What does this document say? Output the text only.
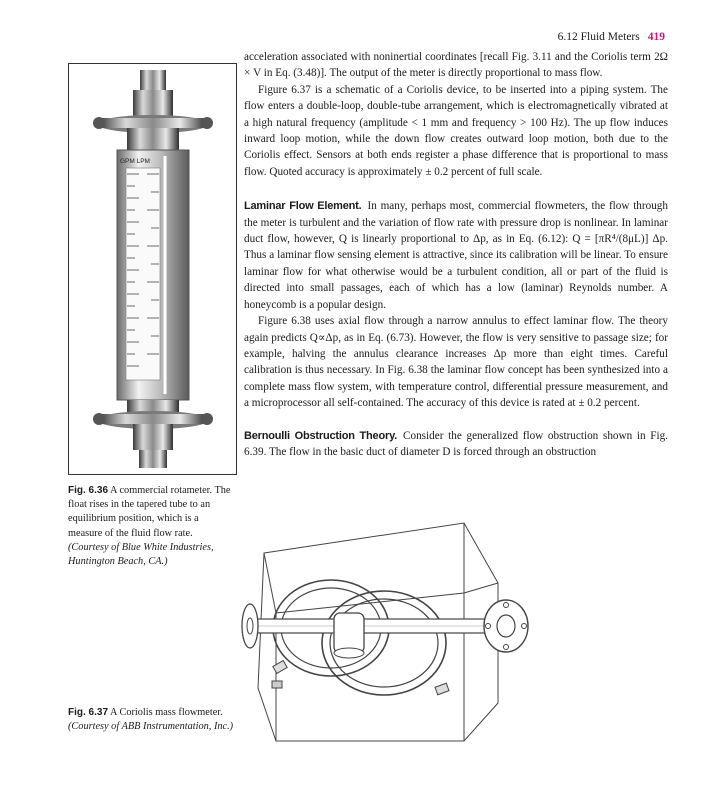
6.12 Fluid Meters 419
GPM LPM
Fig. 6.36 A commercial rotameter. The float rises in the tapered tube to an equilibrium position, which is a measure of the fluid flow rate. (Courtesy of Blue White Industries, Huntington Beach, CA.)
Fig. 6.37 A Coriolis mass flowmeter. (Courtesy of ABB Instrumentation, Inc.)

acceleration associated with noninertial coordinates [recall Fig. 3.11 and the Coriolis term 2Ω × V in Eq. (3.48)]. The output of the meter is directly proportional to mass flow.

Figure 6.37 is a schematic of a Coriolis device, to be inserted into a piping system. The flow enters a double-loop, double-tube arrangement, which is electromagnetically vibrated at a high natural frequency (amplitude < 1 mm and frequency > 100 Hz). The up flow induces inward loop motion, while the down flow creates outward loop motion, both due to the Coriolis effect. Sensors at both ends register a phase difference that is proportional to mass flow. Quoted accuracy is approximately ± 0.2 percent of full scale.

Laminar Flow Element. In many, perhaps most, commercial flowmeters, the flow through the meter is turbulent and the variation of flow rate with pressure drop is nonlinear. In laminar duct flow, however, Q is linearly proportional to Δp, as in Eq. (6.12): Q = [πR⁴/(8μL)] Δp. Thus a laminar flow sensing element is attractive, since its calibration will be linear. To ensure laminar flow for what otherwise would be a turbulent condition, all or part of the fluid is directed into small passages, each of which has a low (laminar) Reynolds number. A honeycomb is a popular design.

Figure 6.38 uses axial flow through a narrow annulus to effect laminar flow. The theory again predicts Q∝Δp, as in Eq. (6.73). However, the flow is very sensitive to passage size; for example, halving the annulus clearance increases Δp more than eight times. Careful calibration is thus necessary. In Fig. 6.38 the laminar flow concept has been synthesized into a complete mass flow system, with temperature control, differential pressure measurement, and a microprocessor all self-contained. The accuracy of this device is rated at ± 0.2 percent.

Bernoulli Obstruction Theory. Consider the generalized flow obstruction shown in Fig. 6.39. The flow in the basic duct of diameter D is forced through an obstruction
